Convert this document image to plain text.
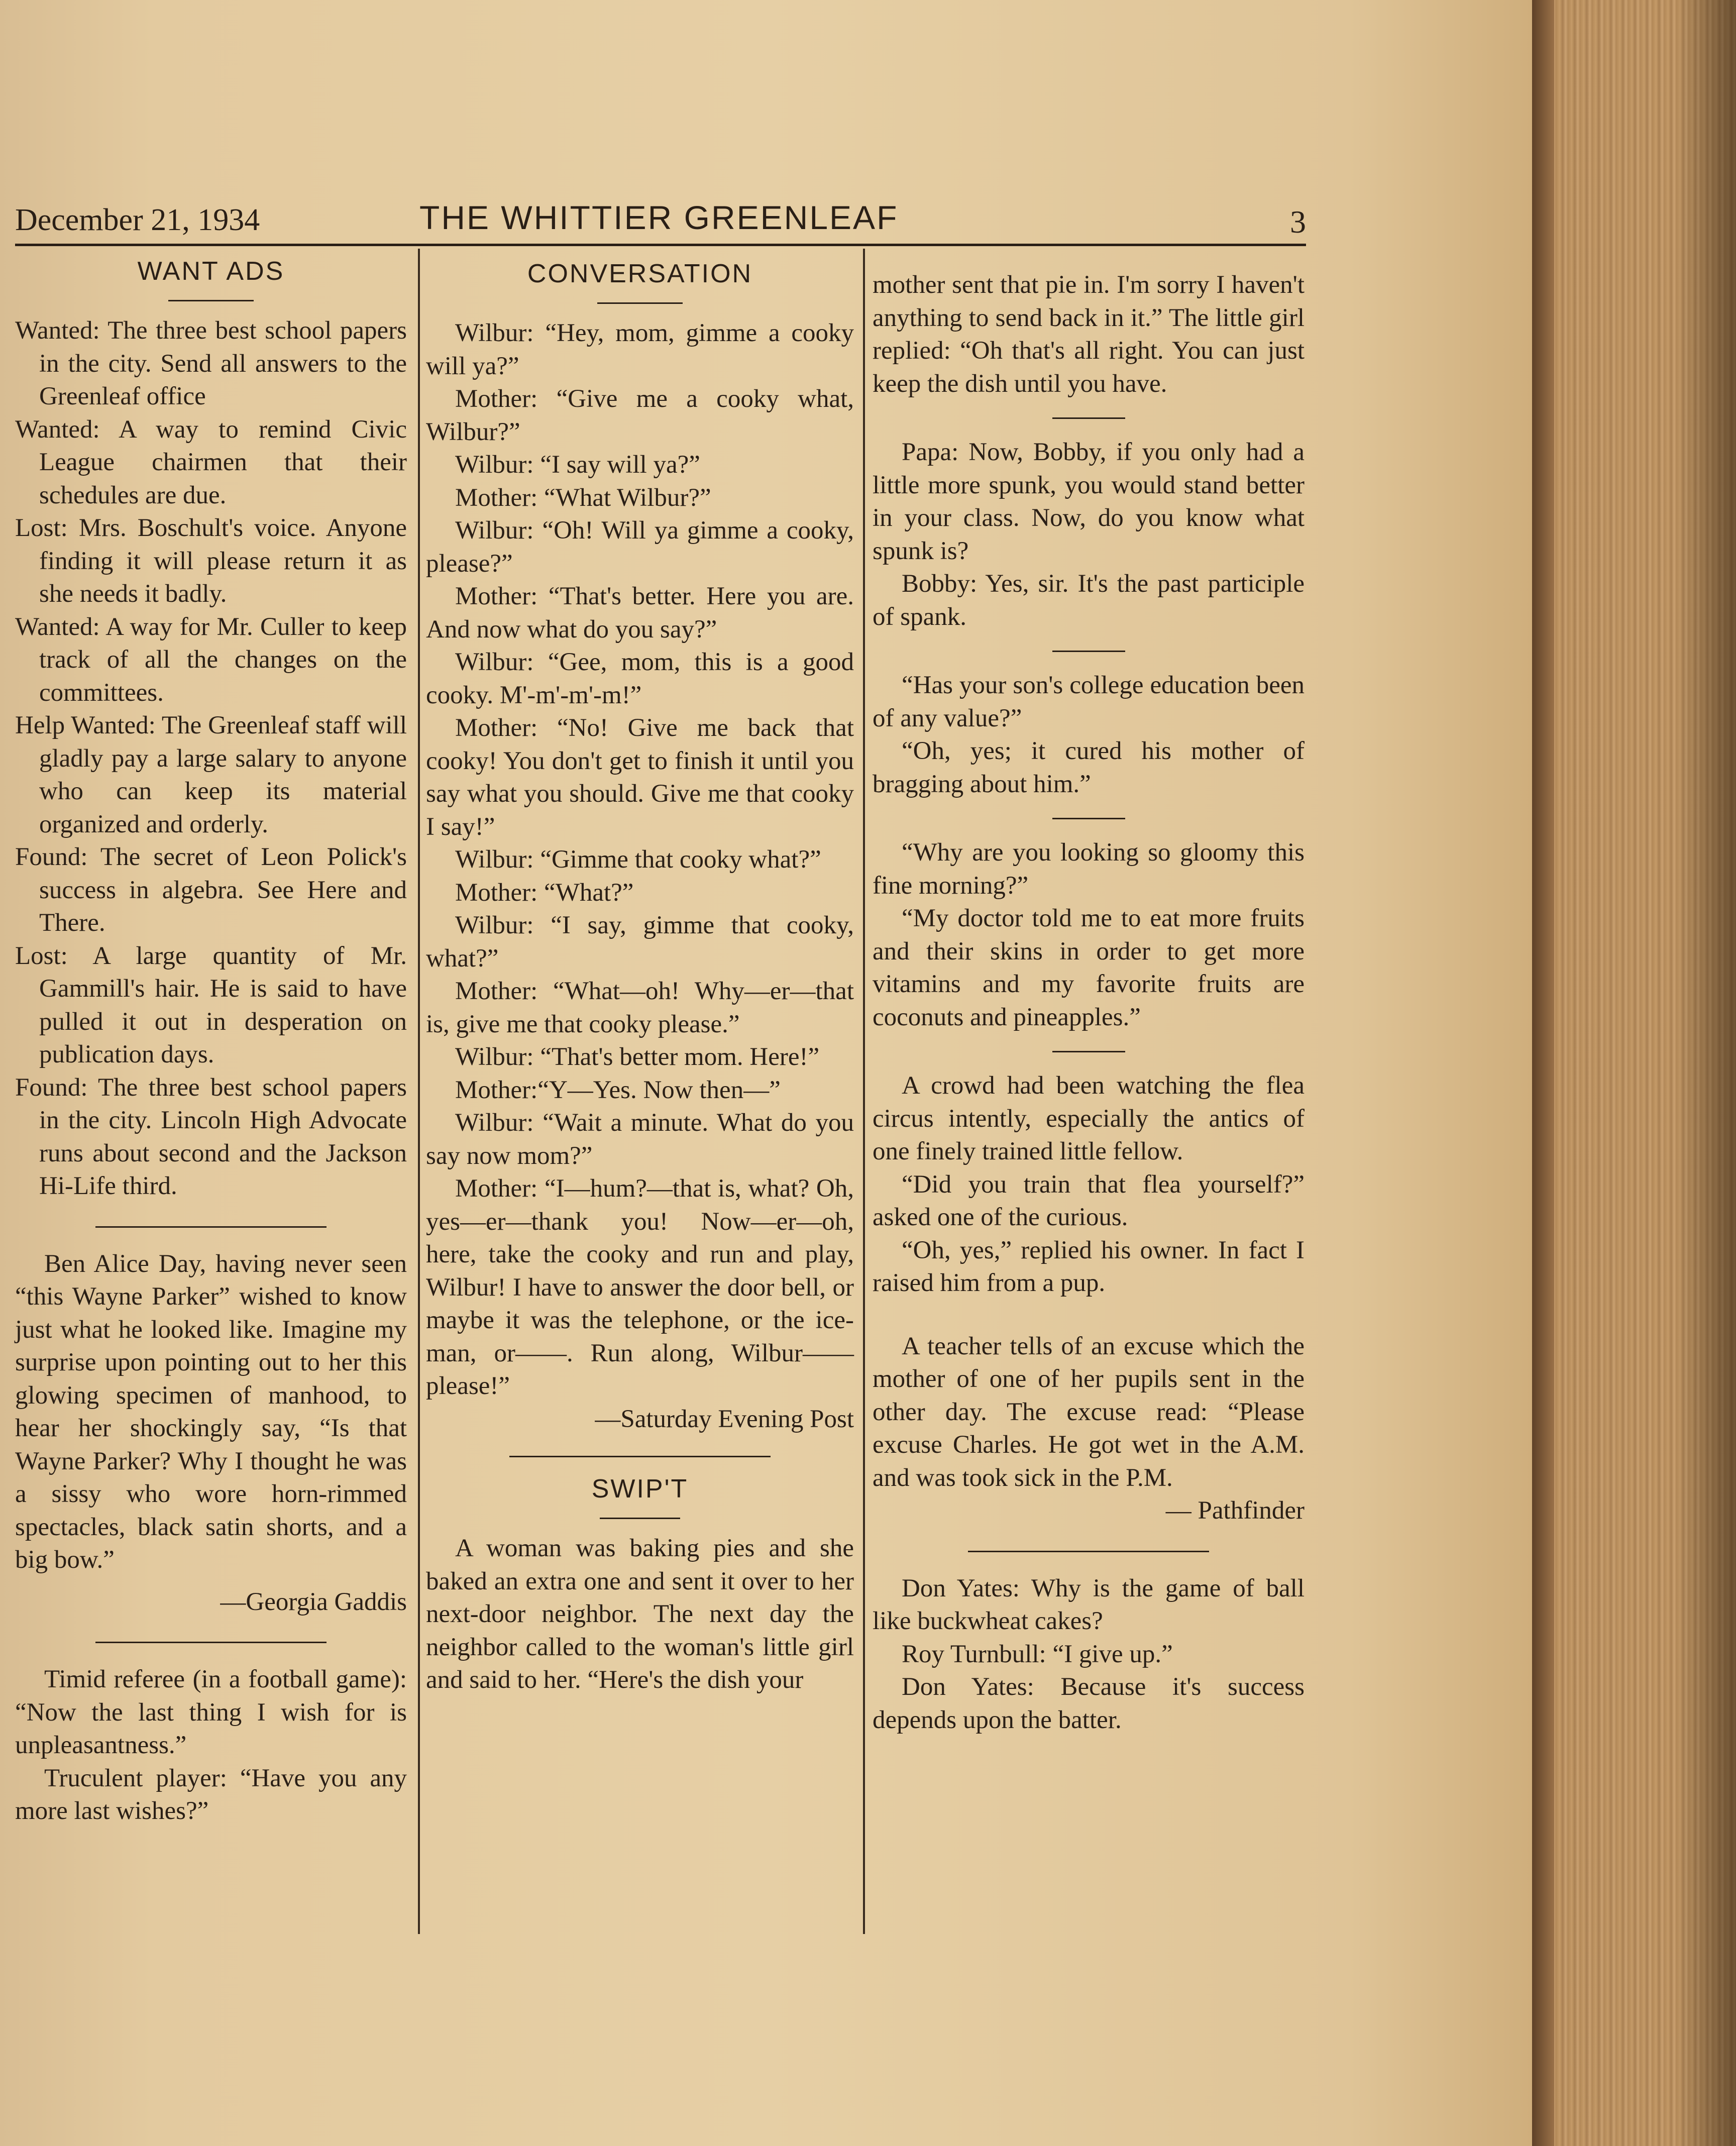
December 21, 1934	THE WHITTIER GREENLEAF	3
WANT ADS

Wanted: The three best school papers in the city. Send all answers to the Greenleaf office

Wanted: A way to remind Civic League chairmen that their schedules are due.

Lost: Mrs. Boschult's voice. Anyone finding it will please return it as she needs it badly.

Wanted: A way for Mr. Culler to keep track of all the changes on the committees.

Help Wanted: The Greenleaf staff will gladly pay a large salary to anyone who can keep its material organized and orderly.

Found: The secret of Leon Polick's success in algebra. See Here and There.

Lost: A large quantity of Mr. Gammill's hair. He is said to have pulled it out in desperation on publication days.

Found: The three best school papers in the city. Lincoln High Advocate runs about second and the Jackson Hi-Life third.

Ben Alice Day, having never seen “this Wayne Parker” wished to know just what he looked like. Imagine my surprise upon pointing out to her this glowing specimen of manhood, to hear her shockingly say, “Is that Wayne Parker? Why I thought he was a sissy who wore horn-rimmed spectacles, black satin shorts, and a big bow.”

—Georgia Gaddis

Timid referee (in a football game): “Now the last thing I wish for is unpleasantness.”

Truculent player: “Have you any more last wishes?”

CONVERSATION

Wilbur: “Hey, mom, gimme a cooky will ya?”

Mother: “Give me a cooky what, Wilbur?”

Wilbur: “I say will ya?”

Mother: “What Wilbur?”

Wilbur: “Oh! Will ya gimme a cooky, please?”

Mother: “That's better. Here you are. And now what do you say?”

Wilbur: “Gee, mom, this is a good cooky. M'-m'-m'-m!”

Mother: “No! Give me back that cooky! You don't get to finish it until you say what you should. Give me that cooky I say!”

Wilbur: “Gimme that cooky what?”

Mother: “What?”

Wilbur: “I say, gimme that cooky, what?”

Mother: “What—oh! Why—er—that is, give me that cooky please.”

Wilbur: “That's better mom. Here!”

Mother:“Y—Yes. Now then—”

Wilbur: “Wait a minute. What do you say now mom?”

Mother: “I—hum?—that is, what? Oh, yes—er—thank you! Now—er—oh, here, take the cooky and run and play, Wilbur! I have to answer the door bell, or maybe it was the telephone, or the ice-man, or——. Run along, Wilbur——please!”

—Saturday Evening Post

SWIP'T

A woman was baking pies and she baked an extra one and sent it over to her next-door neighbor. The next day the neighbor called to the woman's little girl and said to her. “Here's the dish your

mother sent that pie in. I'm sorry I haven't anything to send back in it.” The little girl replied: “Oh that's all right. You can just keep the dish until you have.

Papa: Now, Bobby, if you only had a little more spunk, you would stand better in your class. Now, do you know what spunk is?

Bobby: Yes, sir. It's the past participle of spank.

“Has your son's college education been of any value?”

“Oh, yes; it cured his mother of bragging about him.”

“Why are you looking so gloomy this fine morning?”

“My doctor told me to eat more fruits and their skins in order to get more vitamins and my favorite fruits are coconuts and pineapples.”

A crowd had been watching the flea circus intently, especially the antics of one finely trained little fellow.

“Did you train that flea yourself?” asked one of the curious.

“Oh, yes,” replied his owner. In fact I raised him from a pup.

A teacher tells of an excuse which the mother of one of her pupils sent in the other day. The excuse read: “Please excuse Charles. He got wet in the A.M. and was took sick in the P.M.

— Pathfinder

Don Yates: Why is the game of ball like buckwheat cakes?

Roy Turnbull: “I give up.”

Don Yates: Because it's success depends upon the batter.
